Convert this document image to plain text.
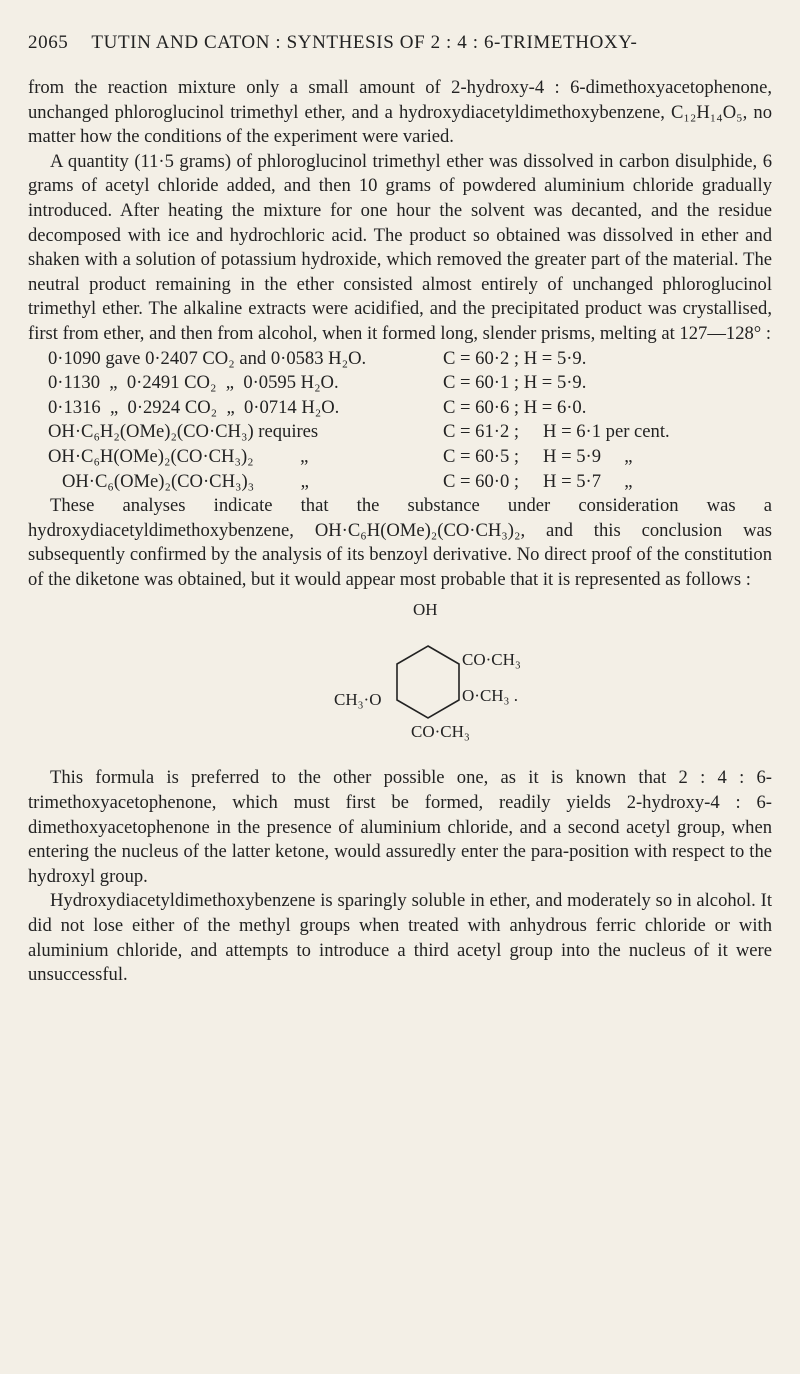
2065 TUTIN AND CATON : SYNTHESIS OF 2 : 4 : 6-TRIMETHOXY-

from the reaction mixture only a small amount of 2-hydroxy-4 : 6-dimethoxyacetophenone, unchanged phloroglucinol trimethyl ether, and a hydroxydiacetyldimethoxybenzene, C₁₂H₁₄O₅, no matter how the conditions of the experiment were varied.

A quantity (11·5 grams) of phloroglucinol trimethyl ether was dissolved in carbon disulphide, 6 grams of acetyl chloride added, and then 10 grams of powdered aluminium chloride gradually introduced. After heating the mixture for one hour the solvent was decanted, and the residue decomposed with ice and hydrochloric acid. The product so obtained was dissolved in ether and shaken with a solution of potassium hydroxide, which removed the greater part of the material. The neutral product remaining in the ether consisted almost entirely of unchanged phloroglucinol trimethyl ether. The alkaline extracts were acidified, and the precipitated product was crystallised, first from ether, and then from alcohol, when it formed long, slender prisms, melting at 127—128° :

0·1090 gave 0·2407 CO₂ and 0·0583 H₂O.	C = 60·2 ; H = 5·9.
0·1130  „  0·2491 CO₂  „  0·0595 H₂O.	C = 60·1 ; H = 5·9.
0·1316  „  0·2924 CO₂  „  0·0714 H₂O.	C = 60·6 ; H = 6·0.
OH·C₆H₂(OMe)₂(CO·CH₃) requires	C = 61·2 ;	H = 6·1 per cent.
OH·C₆H(OMe)₂(CO·CH₃)₂          „	C = 60·5 ;	H = 5·9     „
OH·C₆(OMe)₂(CO·CH₃)₃          „	C = 60·0 ;	H = 5·7     „

These analyses indicate that the substance under consideration was a hydroxydiacetyldimethoxybenzene, OH·C₆H(OMe)₂(CO·CH₃)₂, and this conclusion was subsequently confirmed by the analysis of its benzoyl derivative. No direct proof of the constitution of the diketone was obtained, but it would appear most probable that it is represented as follows :

OH
CO·CH₃
O·CH₃ .
CH₃·O
CO·CH₃

This formula is preferred to the other possible one, as it is known that 2 : 4 : 6-trimethoxyacetophenone, which must first be formed, readily yields 2-hydroxy-4 : 6-dimethoxyacetophenone in the presence of aluminium chloride, and a second acetyl group, when entering the nucleus of the latter ketone, would assuredly enter the para-position with respect to the hydroxyl group.

Hydroxydiacetyldimethoxybenzene is sparingly soluble in ether, and moderately so in alcohol. It did not lose either of the methyl groups when treated with anhydrous ferric chloride or with aluminium chloride, and attempts to introduce a third acetyl group into the nucleus of it were unsuccessful.
